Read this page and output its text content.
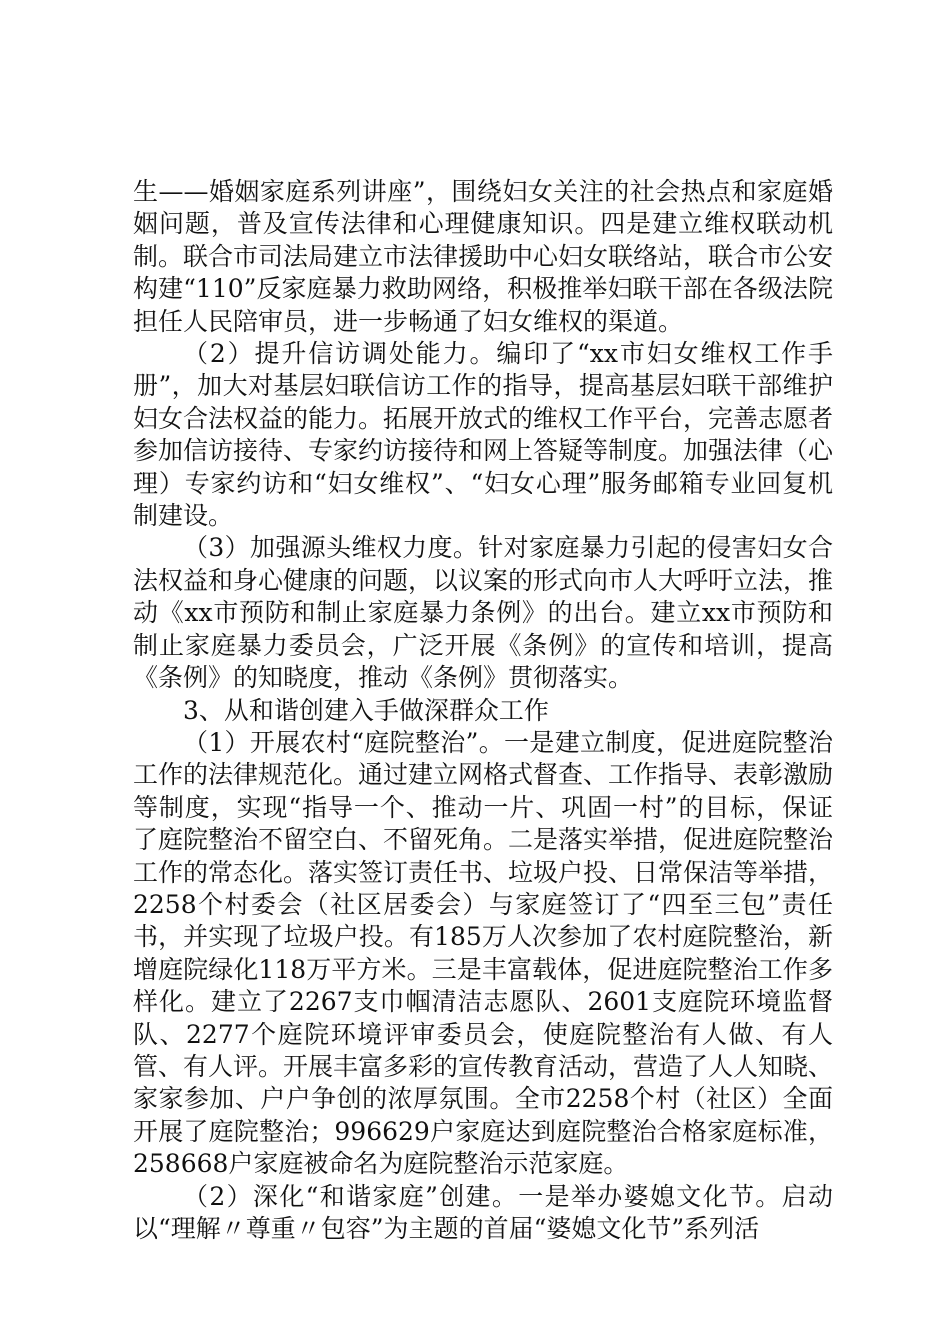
生——婚姻家庭系列讲座”，围绕妇女关注的社会热点和家庭婚姻问题，普及宣传法律和心理健康知识。四是建立维权联动机制。联合市司法局建立市法律援助中心妇女联络站，联合市公安构建“110”反家庭暴力救助网络，积极推举妇联干部在各级法院担任人民陪审员，进一步畅通了妇女维权的渠道。

（2）提升信访调处能力。编印了“xx市妇女维权工作手册”，加大对基层妇联信访工作的指导，提高基层妇联干部维护妇女合法权益的能力。拓展开放式的维权工作平台，完善志愿者参加信访接待、专家约访接待和网上答疑等制度。加强法律（心理）专家约访和“妇女维权”、“妇女心理”服务邮箱专业回复机制建设。

（3）加强源头维权力度。针对家庭暴力引起的侵害妇女合法权益和身心健康的问题，以议案的形式向市人大呼吁立法，推动《xx市预防和制止家庭暴力条例》的出台。建立xx市预防和制止家庭暴力委员会，广泛开展《条例》的宣传和培训，提高《条例》的知晓度，推动《条例》贯彻落实。

3、从和谐创建入手做深群众工作

（1）开展农村“庭院整治”。一是建立制度，促进庭院整治工作的法律规范化。通过建立网格式督查、工作指导、表彰激励等制度，实现“指导一个、推动一片、巩固一村”的目标，保证了庭院整治不留空白、不留死角。二是落实举措，促进庭院整治工作的常态化。落实签订责任书、垃圾户投、日常保洁等举措，2258个村委会（社区居委会）与家庭签订了“四至三包”责任书，并实现了垃圾户投。有185万人次参加了农村庭院整治，新增庭院绿化118万平方米。三是丰富载体，促进庭院整治工作多样化。建立了2267支巾帼清洁志愿队、2601支庭院环境监督队、2277个庭院环境评审委员会，使庭院整治有人做、有人管、有人评。开展丰富多彩的宣传教育活动，营造了人人知晓、家家参加、户户争创的浓厚氛围。全市2258个村（社区）全面开展了庭院整治；996629户家庭达到庭院整治合格家庭标准，258668户家庭被命名为庭院整治示范家庭。

（2）深化“和谐家庭”创建。一是举办婆媳文化节。启动以“理解〃尊重〃包容”为主题的首届“婆媳文化节”系列活
